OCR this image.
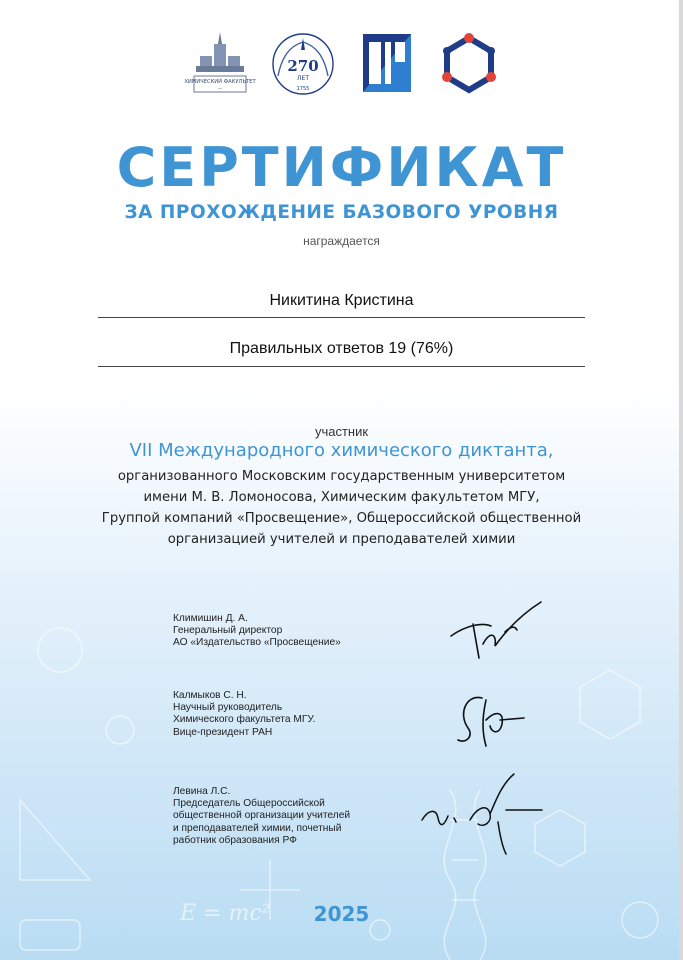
E = mc²
ХИМИЧЕСКИЙ ФАКУЛЬТЕТ
—
270
ЛЕТ
1755	П
СЕРТИФИКАТ
ЗА ПРОХОЖДЕНИЕ БАЗОВОГО УРОВНЯ
награждается
Никитина Кристина
Правильных ответов 19 (76%)
участник
VII Международного химического диктанта,
организованного Московским государственным университетом
имени М. В. Ломоносова, Химическим факультетом МГУ,
Группой компаний «Просвещение», Общероссийской общественной
организацией учителей и преподавателей химии
Климишин Д. А.
Генеральный директор
АО «Издательство «Просвещение»
Калмыков С. Н.
Научный руководитель
Химического факультета МГУ.
Вице-президент РАН
Левина Л.С.
Председатель Общероссийской
общественной организации учителей
и преподавателей химии, почетный
работник образования РФ
2025
